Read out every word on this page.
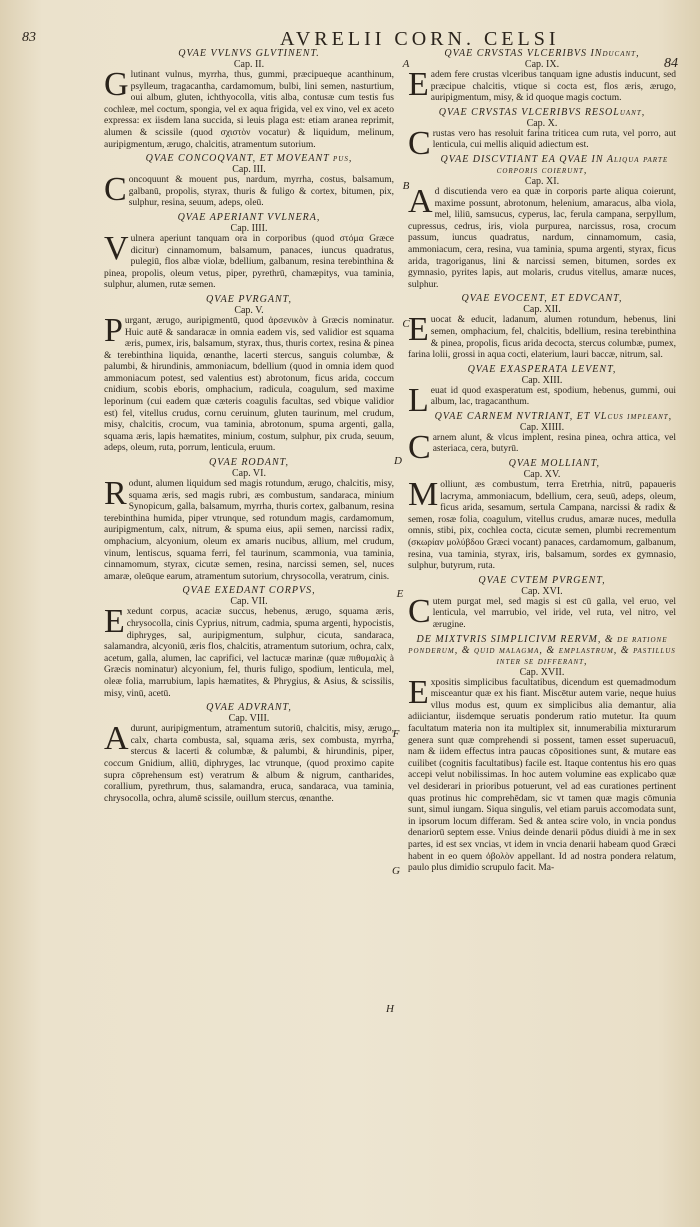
83	AVRELII CORN. CELSI
84
A
B
C
D
E
F
G
H
QVAE VVLNVS GLVTINENT.
Cap. II.

Glutinant vulnus, myrrha, thus, gummi, præcipueque acanthinum, psylleum, tragacantha, cardamomum, bulbi, lini semen, nasturtium, oui album, gluten, ichthyocolla, vitis alba, contusæ cum testis fus cochleæ, mel coctum, spongia, vel ex aqua frigida, vel ex vino, vel ex aceto expressa: ex iisdem lana succida, si leuis plaga est: etiam aranea reprimit, alumen & scissile (quod σχιστὸν vocatur) & liquidum, melinum, auripigmentum, ærugo, chalcitis, atramentum sutorium.

QVAE CONCOQVANT, ET MOVEANT pus,
Cap. III.

Concoquunt & mouent pus, nardum, myrrha, costus, balsamum, galbanū, propolis, styrax, thuris & fuligo & cortex, bitumen, pix, sulphur, resina, seuum, adeps, oleū.

QVAE APERIANT VVLNERA,
Cap. IIII.

Vulnera aperiunt tanquam ora in corporibus (quod στόμα Græce dicitur) cinnamomum, balsamum, panaces, iuncus quadratus, pulegiū, flos albæ violæ, bdellium, galbanum, resina terebinthina & pinea, propolis, oleum vetus, piper, pyrethrū, chamæpitys, vua taminia, sulphur, alumen, rutæ semen.

QVAE PVRGANT,
Cap. V.

Purgant, ærugo, auripigmentū, quod ἀρσενικὸν à Græcis nominatur. Huic autē & sandaracæ in omnia eadem vis, sed validior est squama æris, pumex, iris, balsamum, styrax, thus, thuris cortex, resina & pinea & terebinthina liquida, œnanthe, lacerti stercus, sanguis columbæ, & palumbi, & hirundinis, ammoniacum, bdellium (quod in omnia idem quod ammoniacum potest, sed valentius est) abrotonum, ficus arida, coccum cnidium, scobis eboris, omphacium, radicula, coagulum, sed maxime leporinum (cui eadem quæ cæteris coagulis facultas, sed vbique validior est) fel, vitellus crudus, cornu ceruinum, gluten taurinum, mel crudum, misy, chalcitis, crocum, vua taminia, abrotonum, spuma argenti, galla, squama æris, lapis hæmatites, minium, costum, sulphur, pix cruda, seuum, adeps, oleum, ruta, porrum, lenticula, eruum.

QVAE RODANT,
Cap. VI.

Rodunt, alumen liquidum sed magis rotundum, ærugo, chalcitis, misy, squama æris, sed magis rubri, æs combustum, sandaraca, minium Synopicum, galla, balsamum, myrrha, thuris cortex, galbanum, resina terebinthina humida, piper vtrunque, sed rotundum magis, cardamomum, auripigmentum, calx, nitrum, & spuma eius, apii semen, narcissi radix, omphacium, alcyonium, oleum ex amaris nucibus, allium, mel crudum, vinum, lentiscus, squama ferri, fel taurinum, scammonia, vua taminia, cinnamomum, styrax, cicutæ semen, resina, narcissi semen, sel, nuces amaræ, oleūque earum, atramentum sutorium, chrysocolla, veratrum, cinis.

QVAE EXEDANT CORPVS,
Cap. VII.

Exedunt corpus, acaciæ succus, hebenus, ærugo, squama æris, chrysocolla, cinis Cyprius, nitrum, cadmia, spuma argenti, hypocistis, diphryges, sal, auripigmentum, sulphur, cicuta, sandaraca, salamandra, alcyoniū, æris flos, chalcitis, atramentum sutorium, ochra, calx, acetum, galla, alumen, lac caprifici, vel lactucæ marinæ (quæ πιθυμαλὶς à Græcis nominatur) alcyonium, fel, thuris fuligo, spodium, lenticula, mel, oleæ folia, marrubium, lapis hæmatites, & Phrygius, & Asius, & scissilis, misy, vinū, acetū.

QVAE ADVRANT,
Cap. VIII.

Adurunt, auripigmentum, atramentum sutoriū, chalcitis, misy, ærugo, calx, charta combusta, sal, squama æris, sex combusta, myrrha, stercus & lacerti & columbæ, & palumbi, & hirundinis, piper, coccum Gnidium, alliū, diphryges, lac vtrunque, (quod proximo capite supra cōprehensum est) veratrum & album & nigrum, cantharides, corallium, pyrethrum, thus, salamandra, eruca, sandaraca, vua taminia, chrysocolla, ochra, alumē scissile, ouillum stercus, œnanthe.

QVAE CRVSTAS VLCERIBVS INducant,
Cap. IX.

Eadem fere crustas vlceribus tanquam igne adustis inducunt, sed præcipue chalcitis, vtique si cocta est, flos æris, ærugo, auripigmentum, misy, & id quoque magis coctum.

QVAE CRVSTAS VLCERIBVS RESOLuant,
Cap. X.

Crustas vero has resoluit farina triticea cum ruta, vel porro, aut lenticula, cui mellis aliquid adiectum est.

QVAE DISCVTIANT EA QVAE IN Aliqua parte corporis coierunt,
Cap. XI.

Ad discutienda vero ea quæ in corporis parte aliqua coierunt, maxime possunt, abrotonum, helenium, amaracus, alba viola, mel, liliū, samsucus, cyperus, lac, ferula campana, serpyllum, cupressus, cedrus, iris, viola purpurea, narcissus, rosa, crocum passum, iuncus quadratus, nardum, cinnamomum, casia, ammoniacum, cera, resina, vua taminia, spuma argenti, styrax, ficus arida, tragoriganus, lini & narcissi semen, bitumen, sordes ex gymnasio, pyrites lapis, aut molaris, crudus vitellus, amaræ nuces, sulphur.

QVAE EVOCENT, ET EDVCANT,
Cap. XII.

Euocat & educit, ladanum, alumen rotundum, hebenus, lini semen, omphacium, fel, chalcitis, bdellium, resina terebinthina & pinea, propolis, ficus arida decocta, stercus columbæ, pumex, farina lolii, grossi in aqua cocti, elaterium, lauri baccæ, nitrum, sal.

QVAE EXASPERATA LEVENT,
Cap. XIII.

Leuat id quod exasperatum est, spodium, hebenus, gummi, oui album, lac, tragacanthum.

QVAE CARNEM NVTRIANT, ET VLcus impleant,
Cap. XIIII.

Carnem alunt, & vlcus implent, resina pinea, ochra attica, vel asteriaca, cera, butyrū.

QVAE MOLLIANT,
Cap. XV.

Molliunt, æs combustum, terra Eretrhia, nitrū, papaueris lacryma, ammoniacum, bdellium, cera, seuū, adeps, oleum, ficus arida, sesamum, sertula Campana, narcissi & radix & semen, rosæ folia, coagulum, vitellus crudus, amaræ nuces, medulla omnis, stibi, pix, cochlea cocta, cicutæ semen, plumbi recrementum (σκωρίαν μολύβδου Græci vocant) panaces, cardamomum, galbanum, resina, vua taminia, styrax, iris, balsamum, sordes ex gymnasio, sulphur, butyrum, ruta.

QVAE CVTEM PVRGENT,
Cap. XVI.

Cutem purgat mel, sed magis si est cū galla, vel eruo, vel lenticula, vel marrubio, vel iride, vel ruta, vel nitro, vel ærugine.

DE MIXTVRIS SIMPLICIVM RERVM, & de ratione ponderum, & quid malagma, & emplastrum, & pastillus inter se differant,
Cap. XVII.

Expositis simplicibus facultatibus, dicendum est quemadmodum misceantur quæ ex his fiant. Miscētur autem varie, neque huius vllus modus est, quum ex simplicibus alia demantur, alia adiiciantur, iisdemque seruatis ponderum ratio mutetur. Ita quum facultatum materia non ita multiplex sit, innumerabilia mixturarum genera sunt quæ comprehendi si possent, tamen esset superuacuū, nam & iidem effectus intra paucas cōpositiones sunt, & mutare eas cuilibet (cognitis facultatibus) facile est. Itaque contentus his ero quas accepi velut nobilissimas. In hoc autem volumine eas explicabo quæ vel desiderari in prioribus potuerunt, vel ad eas curationes pertinent quas protinus hic comprehēdam, sic vt tamen quæ magis cōmunia sunt, simul iungam. Siqua singulis, vel etiam paruis accomodata sunt, in ipsorum locum differam. Sed & antea scire volo, in vncia pondus denariorū septem esse. Vnius deinde denarii pōdus diuidi à me in sex partes, id est sex vncias, vt idem in vncia denarii habeam quod Græci habent in eo quem ὀβολὸν appellant. Id ad nostra pondera relatum, paulo plus dimidio scrupulo facit. Ma-
